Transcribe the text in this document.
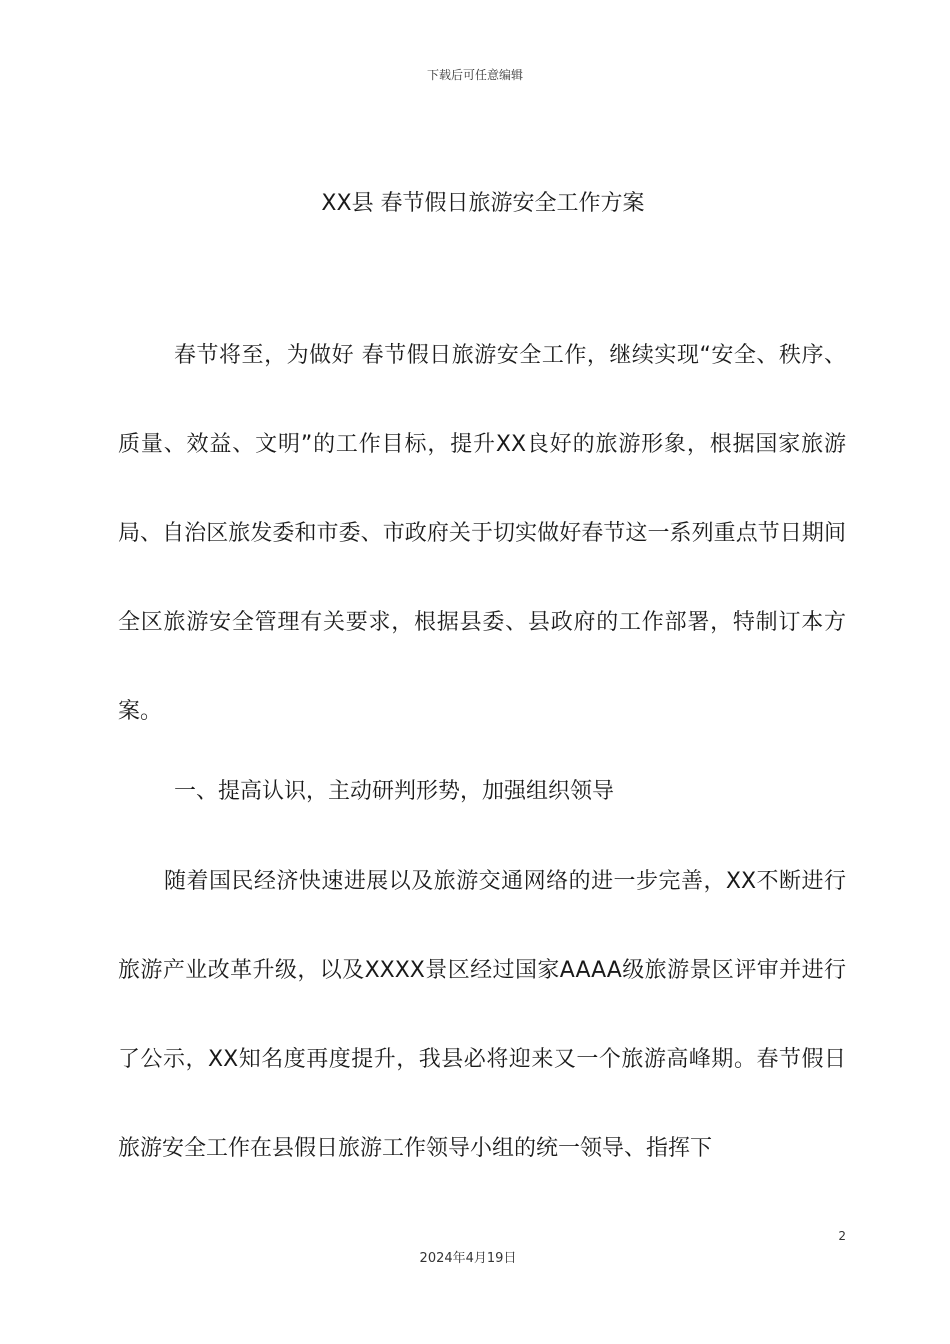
下载后可任意编辑
XX县 春节假日旅游安全工作方案

春节将至，为做好 春节假日旅游安全工作，继续实现“安全、秩序、质量、效益、文明”的工作目标，提升XX良好的旅游形象，根据国家旅游局、自治区旅发委和市委、市政府关于切实做好春节这一系列重点节日期间全区旅游安全管理有关要求，根据县委、县政府的工作部署，特制订本方案。

一、提高认识，主动研判形势，加强组织领导

随着国民经济快速进展以及旅游交通网络的进一步完善，XX不断进行旅游产业改革升级，以及XXXX景区经过国家AAAA级旅游景区评审并进行了公示，XX知名度再度提升，我县必将迎来又一个旅游高峰期。春节假日旅游安全工作在县假日旅游工作领导小组的统一领导、指挥下

2
2024年4月19日
